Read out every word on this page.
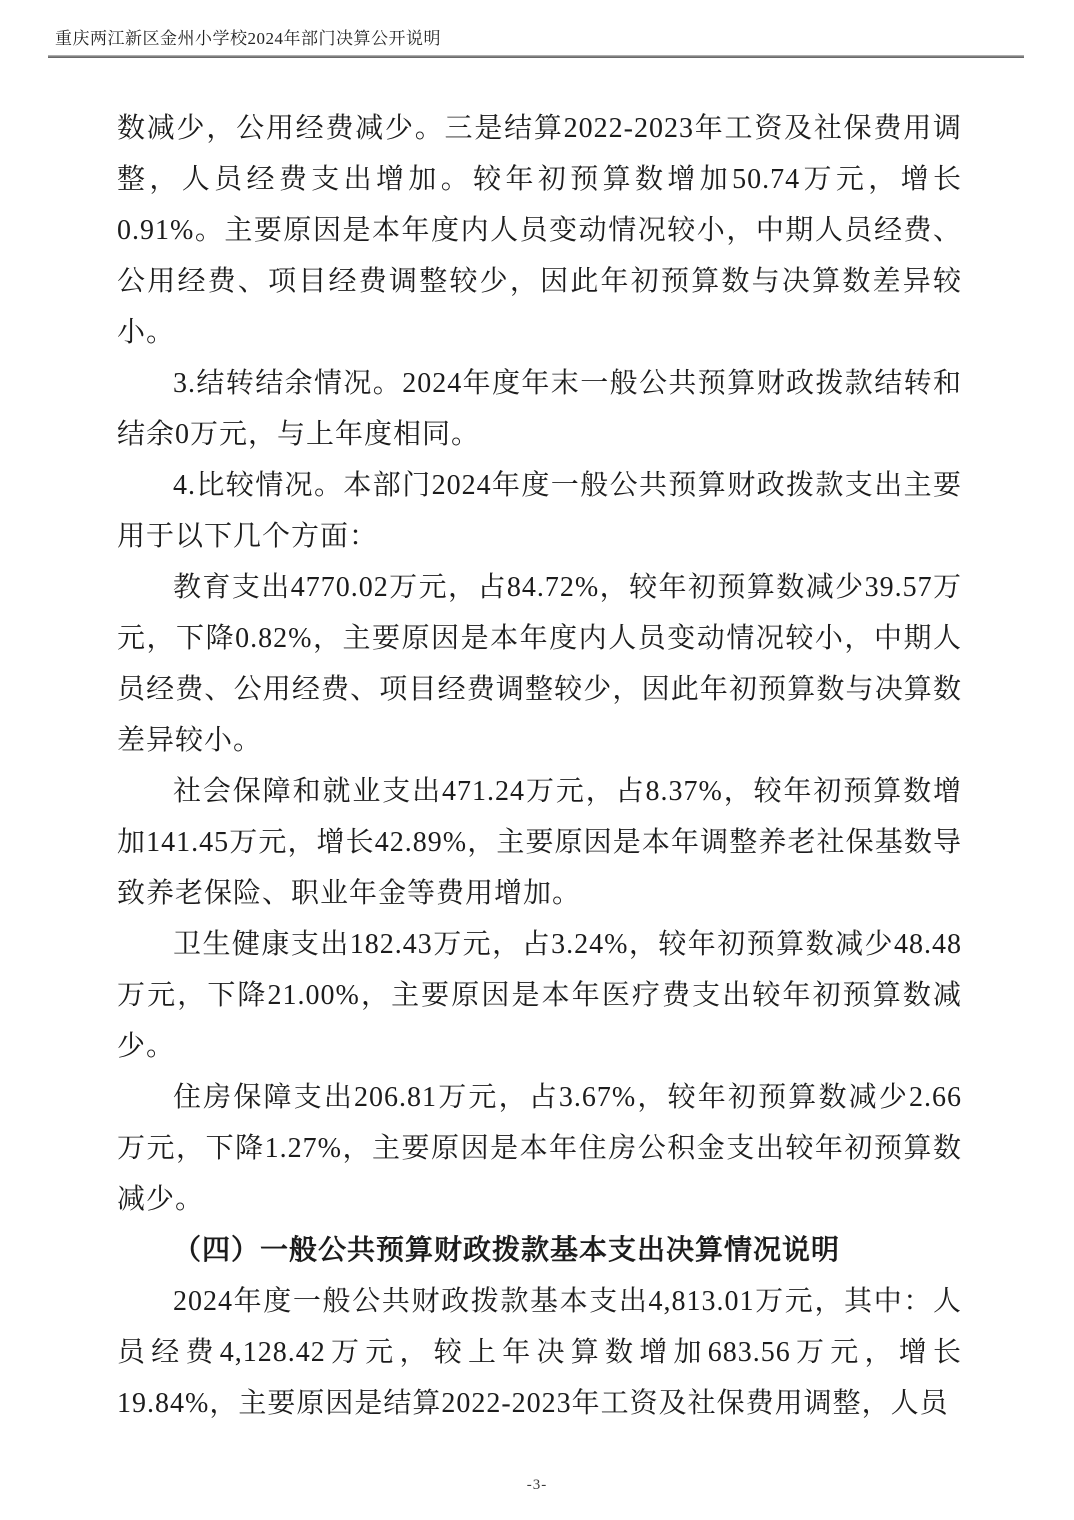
重庆两江新区金州小学校2024年部门决算公开说明

数减少，公用经费减少。三是结算2022-2023年工资及社保费用调整，人员经费支出增加。较年初预算数增加50.74万元，增长0.91%。主要原因是本年度内人员变动情况较小，中期人员经费、公用经费、项目经费调整较少，因此年初预算数与决算数差异较小。

3.结转结余情况。2024年度年末一般公共预算财政拨款结转和结余0万元，与上年度相同。

4.比较情况。本部门2024年度一般公共预算财政拨款支出主要用于以下几个方面：

教育支出4770.02万元，占84.72%，较年初预算数减少39.57万元，下降0.82%，主要原因是本年度内人员变动情况较小，中期人员经费、公用经费、项目经费调整较少，因此年初预算数与决算数差异较小。

社会保障和就业支出471.24万元，占8.37%，较年初预算数增加141.45万元，增长42.89%，主要原因是本年调整养老社保基数导致养老保险、职业年金等费用增加。

卫生健康支出182.43万元，占3.24%，较年初预算数减少48.48万元，下降21.00%，主要原因是本年医疗费支出较年初预算数减少。

住房保障支出206.81万元，占3.67%，较年初预算数减少2.66万元，下降1.27%，主要原因是本年住房公积金支出较年初预算数减少。

（四）一般公共预算财政拨款基本支出决算情况说明

2024年度一般公共财政拨款基本支出4,813.01万元，其中：人员经费4,128.42万元，较上年决算数增加683.56万元，增长19.84%，主要原因是结算2022-2023年工资及社保费用调整，人员

-3-
